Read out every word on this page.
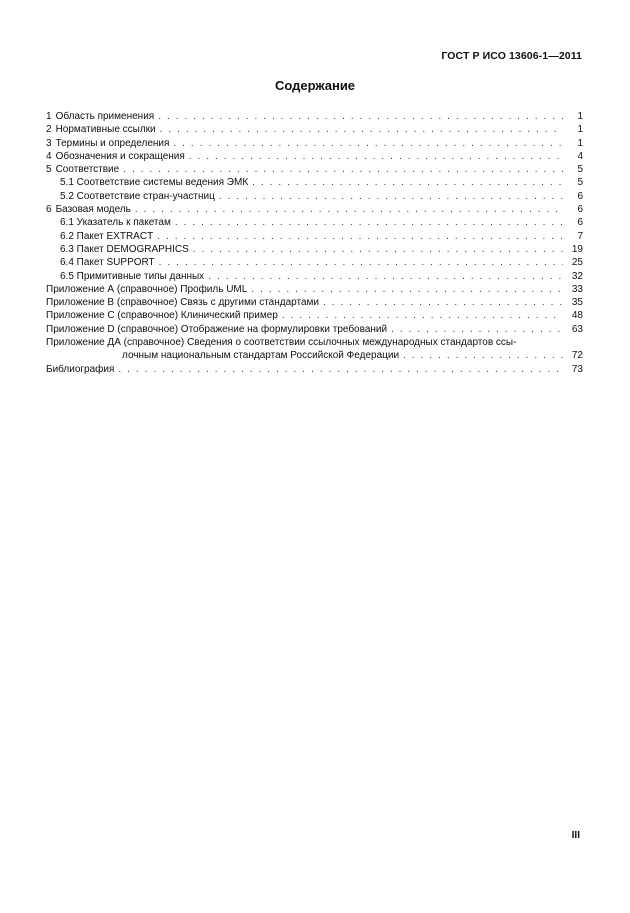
ГОСТ Р ИСО 13606-1—2011
Содержание
1 Область применения . . .	1
2 Нормативные ссылки . . .	1
3 Термины и определения . . .	1
4 Обозначения и сокращения . . .	4
5 Соответствие . . .	5
5.1 Соответствие системы ведения ЭМК . . .	5
5.2 Соответствие стран-участниц . . .	6
6 Базовая модель . . .	6
6.1 Указатель к пакетам . . .	6
6.2 Пакет EXTRACT . . .	7
6.3 Пакет DEMOGRAPHICS . . .	19
6.4 Пакет SUPPORT . . .	25
6.5 Примитивные типы данных . . .	32
Приложение А (справочное) Профиль UML . . .	33
Приложение В (справочное) Связь с другими стандартами . . .	35
Приложение С (справочное) Клинический пример . . .	48
Приложение D (справочное) Отображение на формулировки требований . . .	63
Приложение ДА (справочное) Сведения о соответствии ссылочных международных стандартов ссы-
лочным национальным стандартам Российской Федерации . . .	72
Библиография . . .	73
III
